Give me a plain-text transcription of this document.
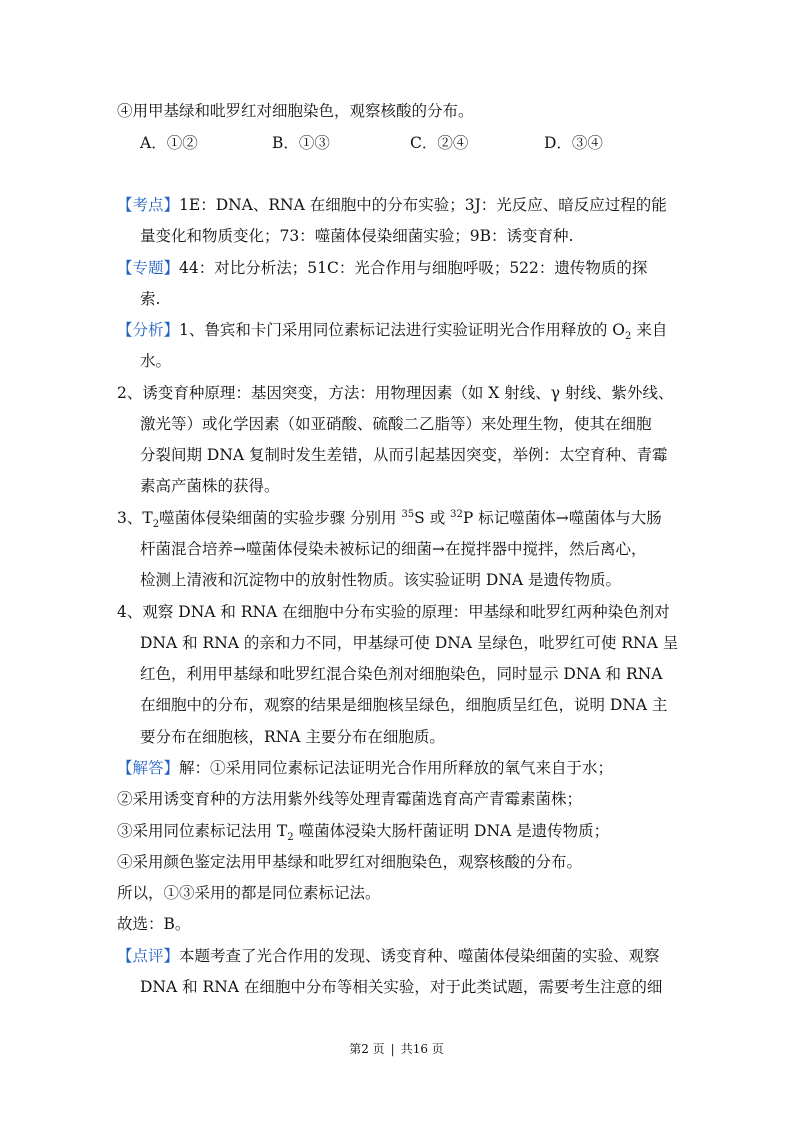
④用甲基绿和吡罗红对细胞染色，观察核酸的分布。
A．①②	B．①③	C．②④	D．③④
【考点】1E：DNA、RNA 在细胞中的分布实验；3J：光反应、暗反应过程的能
量变化和物质变化；73：噬菌体侵染细菌实验；9B：诱变育种.
【专题】44：对比分析法；51C：光合作用与细胞呼吸；522：遗传物质的探
索.
【分析】1、鲁宾和卡门采用同位素标记法进行实验证明光合作用释放的 $O_2$ 来自
水。
2、诱变育种原理：基因突变，方法：用物理因素（如 X 射线、γ 射线、紫外线、
激光等）或化学因素（如亚硝酸、硫酸二乙脂等）来处理生物，使其在细胞
分裂间期 DNA 复制时发生差错，从而引起基因突变，举例：太空育种、青霉
素高产菌株的获得。
3、$T_2$噬菌体侵染细菌的实验步骤 分别用 $^{35}$S 或 $^{32}$P 标记噬菌体→噬菌体与大肠
杆菌混合培养→噬菌体侵染未被标记的细菌→在搅拌器中搅拌，然后离心，
检测上清液和沉淀物中的放射性物质。该实验证明 DNA 是遗传物质。
4、观察 DNA 和 RNA 在细胞中分布实验的原理：甲基绿和吡罗红两种染色剂对
DNA 和 RNA 的亲和力不同，甲基绿可使 DNA 呈绿色，吡罗红可使 RNA 呈
红色，利用甲基绿和吡罗红混合染色剂对细胞染色，同时显示 DNA 和 RNA
在细胞中的分布，观察的结果是细胞核呈绿色，细胞质呈红色，说明 DNA 主
要分布在细胞核，RNA 主要分布在细胞质。
【解答】解：①采用同位素标记法证明光合作用所释放的氧气来自于水；
②采用诱变育种的方法用紫外线等处理青霉菌选育高产青霉素菌株；
③采用同位素标记法用 $T_2$ 噬菌体浸染大肠杆菌证明 DNA 是遗传物质；
④采用颜色鉴定法用甲基绿和吡罗红对细胞染色，观察核酸的分布。
所以，①③采用的都是同位素标记法。
故选：B。
【点评】本题考查了光合作用的发现、诱变育种、噬菌体侵染细菌的实验、观察
DNA 和 RNA 在细胞中分布等相关实验，对于此类试题，需要考生注意的细
第2 页 | 共16 页
